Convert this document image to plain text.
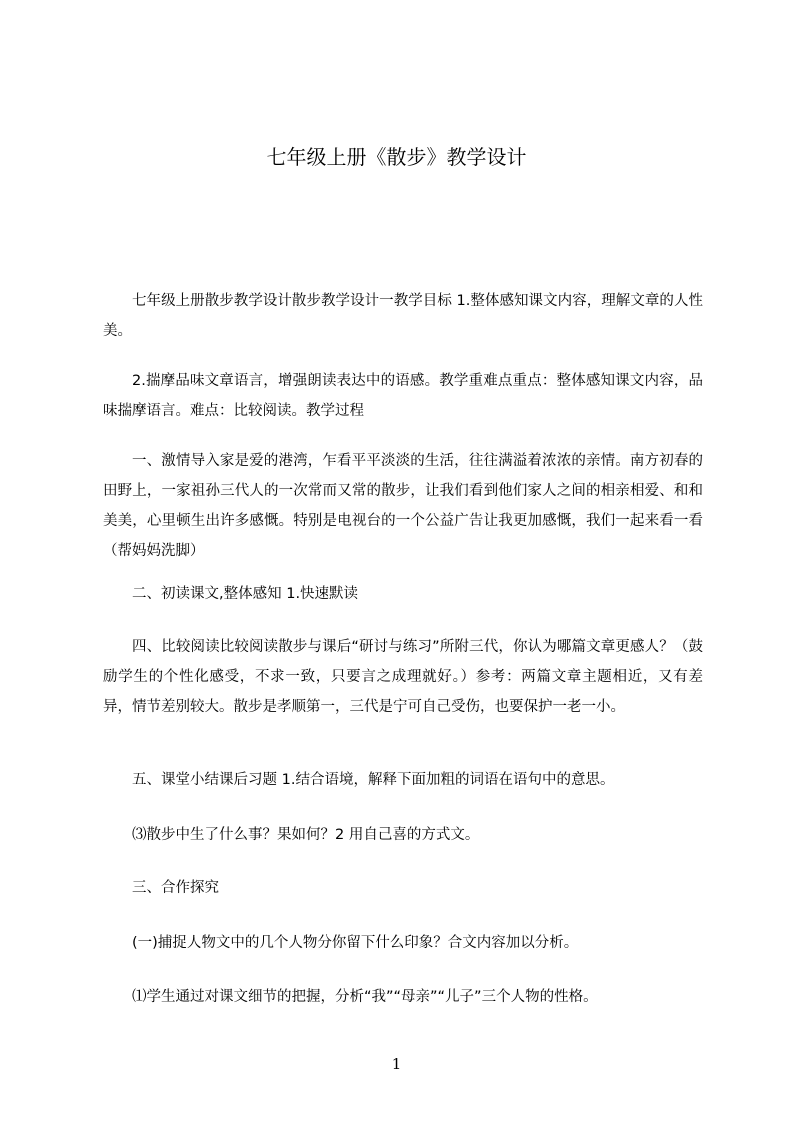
七年级上册《散步》教学设计

七年级上册散步教学设计散步教学设计一教学目标 1.整体感知课文内容，理解文章的人性美。

2.揣摩品味文章语言，增强朗读表达中的语感。教学重难点重点：整体感知课文内容，品味揣摩语言。难点：比较阅读。教学过程

一、激情导入家是爱的港湾，乍看平平淡淡的生活，往往满溢着浓浓的亲情。南方初春的田野上，一家祖孙三代人的一次常而又常的散步，让我们看到他们家人之间的相亲相爱、和和美美，心里顿生出许多感慨。特别是电视台的一个公益广告让我更加感慨，我们一起来看一看（帮妈妈洗脚）

二、初读课文,整体感知 1.快速默读

四、比较阅读比较阅读散步与课后“研讨与练习”所附三代，你认为哪篇文章更感人？（鼓励学生的个性化感受，不求一致，只要言之成理就好。）参考：两篇文章主题相近，又有差异，情节差别较大。散步是孝顺第一，三代是宁可自己受伤，也要保护一老一小。

五、课堂小结课后习题 1.结合语境，解释下面加粗的词语在语句中的意思。

⑶散步中生了什么事？果如何？2 用自己喜的方式文。

三、合作探究

(一)捕捉人物文中的几个人物分你留下什么印象？合文内容加以分析。

⑴学生通过对课文细节的把握，分析“我”“母亲”“儿子”三个人物的性格。

1
